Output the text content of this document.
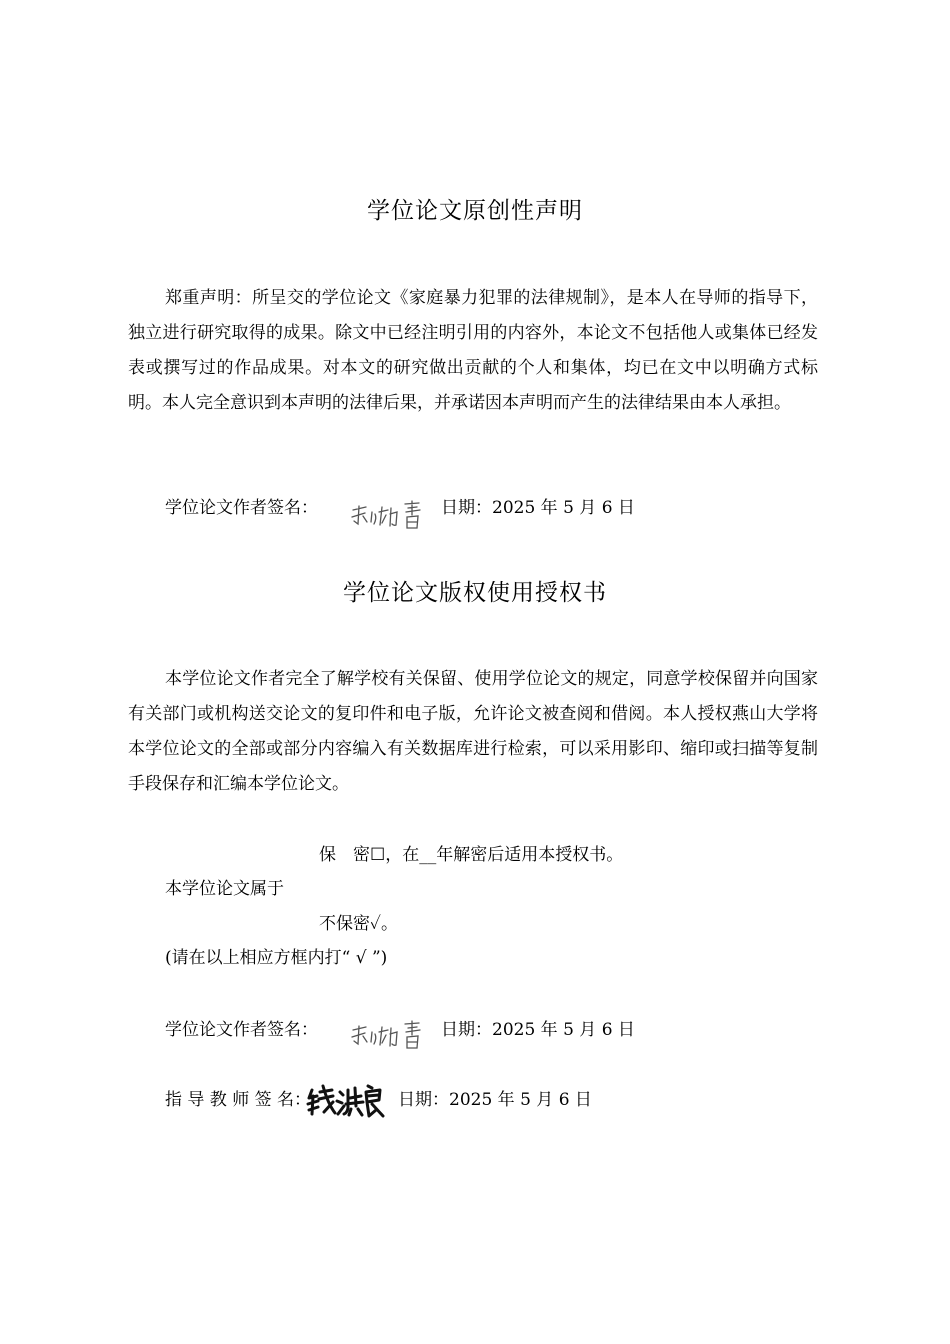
学位论文原创性声明

郑重声明：所呈交的学位论文《家庭暴力犯罪的法律规制》，是本人在导师的指导下，独立进行研究取得的成果。除文中已经注明引用的内容外，本论文不包括他人或集体已经发表或撰写过的作品成果。对本文的研究做出贡献的个人和集体，均已在文中以明确方式标明。本人完全意识到本声明的法律后果，并承诺因本声明而产生的法律结果由本人承担。

学位论文作者签名：	日期：2025 年 5 月 6 日
学位论文版权使用授权书

本学位论文作者完全了解学校有关保留、使用学位论文的规定，同意学校保留并向国家有关部门或机构送交论文的复印件和电子版，允许论文被查阅和借阅。本人授权燕山大学将本学位论文的全部或部分内容编入有关数据库进行检索，可以采用影印、缩印或扫描等复制手段保存和汇编本学位论文。

保　密☐，在__年解密后适用本授权书。
本学位论文属于
不保密✓。
(请在以上相应方框内打“ √ ”)
学位论文作者签名：	日期：2025 年 5 月 6 日
指 导 教 师 签 名：	日期：2025 年 5 月 6 日
